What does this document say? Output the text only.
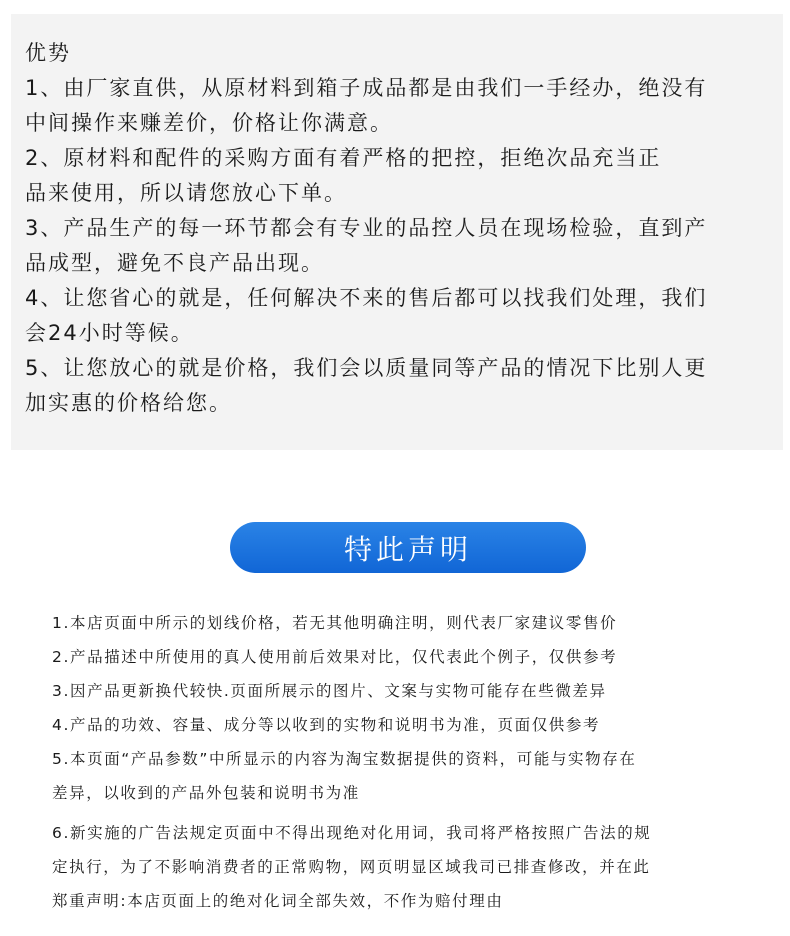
优势

1、由厂家直供，从原材料到箱子成品都是由我们一手经办，绝没有

中间操作来赚差价，价格让你满意。

2、原材料和配件的采购方面有着严格的把控，拒绝次品充当正

品来使用，所以请您放心下单。

3、产品生产的每一环节都会有专业的品控人员在现场检验，直到产

品成型，避免不良产品出现。

4、让您省心的就是，任何解决不来的售后都可以找我们处理，我们

会24小时等候。

5、让您放心的就是价格，我们会以质量同等产品的情况下比别人更

加实惠的价格给您。

特此声明

1.本店页面中所示的划线价格，若无其他明确注明，则代表厂家建议零售价

2.产品描述中所使用的真人使用前后效果对比，仅代表此个例子，仅供参考

3.因产品更新换代较快.页面所展示的图片、文案与实物可能存在些微差异

4.产品的功效、容量、成分等以收到的实物和说明书为准，页面仅供参考

5.本页面“产品参数”中所显示的内容为淘宝数据提供的资料，可能与实物存在

差异，以收到的产品外包装和说明书为准

6.新实施的广告法规定页面中不得出现绝对化用词，我司将严格按照广告法的规

定执行，为了不影响消费者的正常购物，网页明显区域我司已排查修改，并在此

郑重声明:本店页面上的绝对化词全部失效，不作为赔付理由
